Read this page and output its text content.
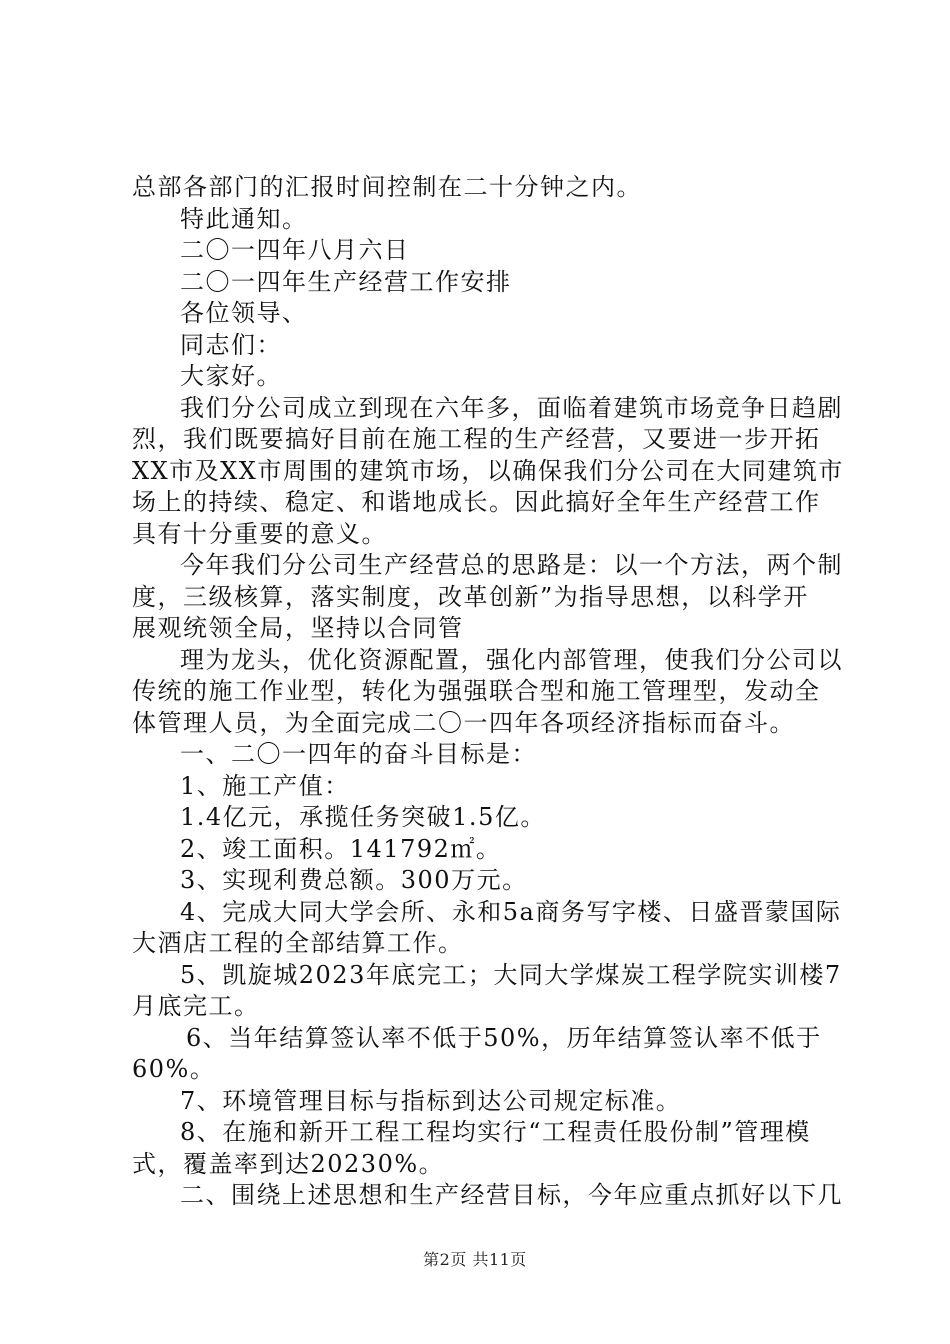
总部各部门的汇报时间控制在二十分钟之内。
特此通知。
二〇一四年八月六日
二〇一四年生产经营工作安排
各位领导、
同志们：
大家好。
我们分公司成立到现在六年多，面临着建筑市场竞争日趋剧
烈，我们既要搞好目前在施工程的生产经营，又要进一步开拓
XX市及XX市周围的建筑市场，以确保我们分公司在大同建筑市
场上的持续、稳定、和谐地成长。因此搞好全年生产经营工作
具有十分重要的意义。
今年我们分公司生产经营总的思路是：以一个方法，两个制
度，三级核算，落实制度，改革创新”为指导思想，以科学开
展观统领全局，坚持以合同管
理为龙头，优化资源配置，强化内部管理，使我们分公司以
传统的施工作业型，转化为强强联合型和施工管理型，发动全
体管理人员，为全面完成二〇一四年各项经济指标而奋斗。
一、二〇一四年的奋斗目标是：
1、施工产值：
1.4亿元，承揽任务突破1.5亿。
2、竣工面积。141792㎡。
3、实现利费总额。300万元。
4、完成大同大学会所、永和5a商务写字楼、日盛晋蒙国际
大酒店工程的全部结算工作。
5、凯旋城2023年底完工；大同大学煤炭工程学院实训楼7
月底完工。
6、当年结算签认率不低于50%，历年结算签认率不低于
60%。
7、环境管理目标与指标到达公司规定标准。
8、在施和新开工程工程均实行“工程责任股份制”管理模
式，覆盖率到达20230%。
二、围绕上述思想和生产经营目标，今年应重点抓好以下几
第2页 共11页
